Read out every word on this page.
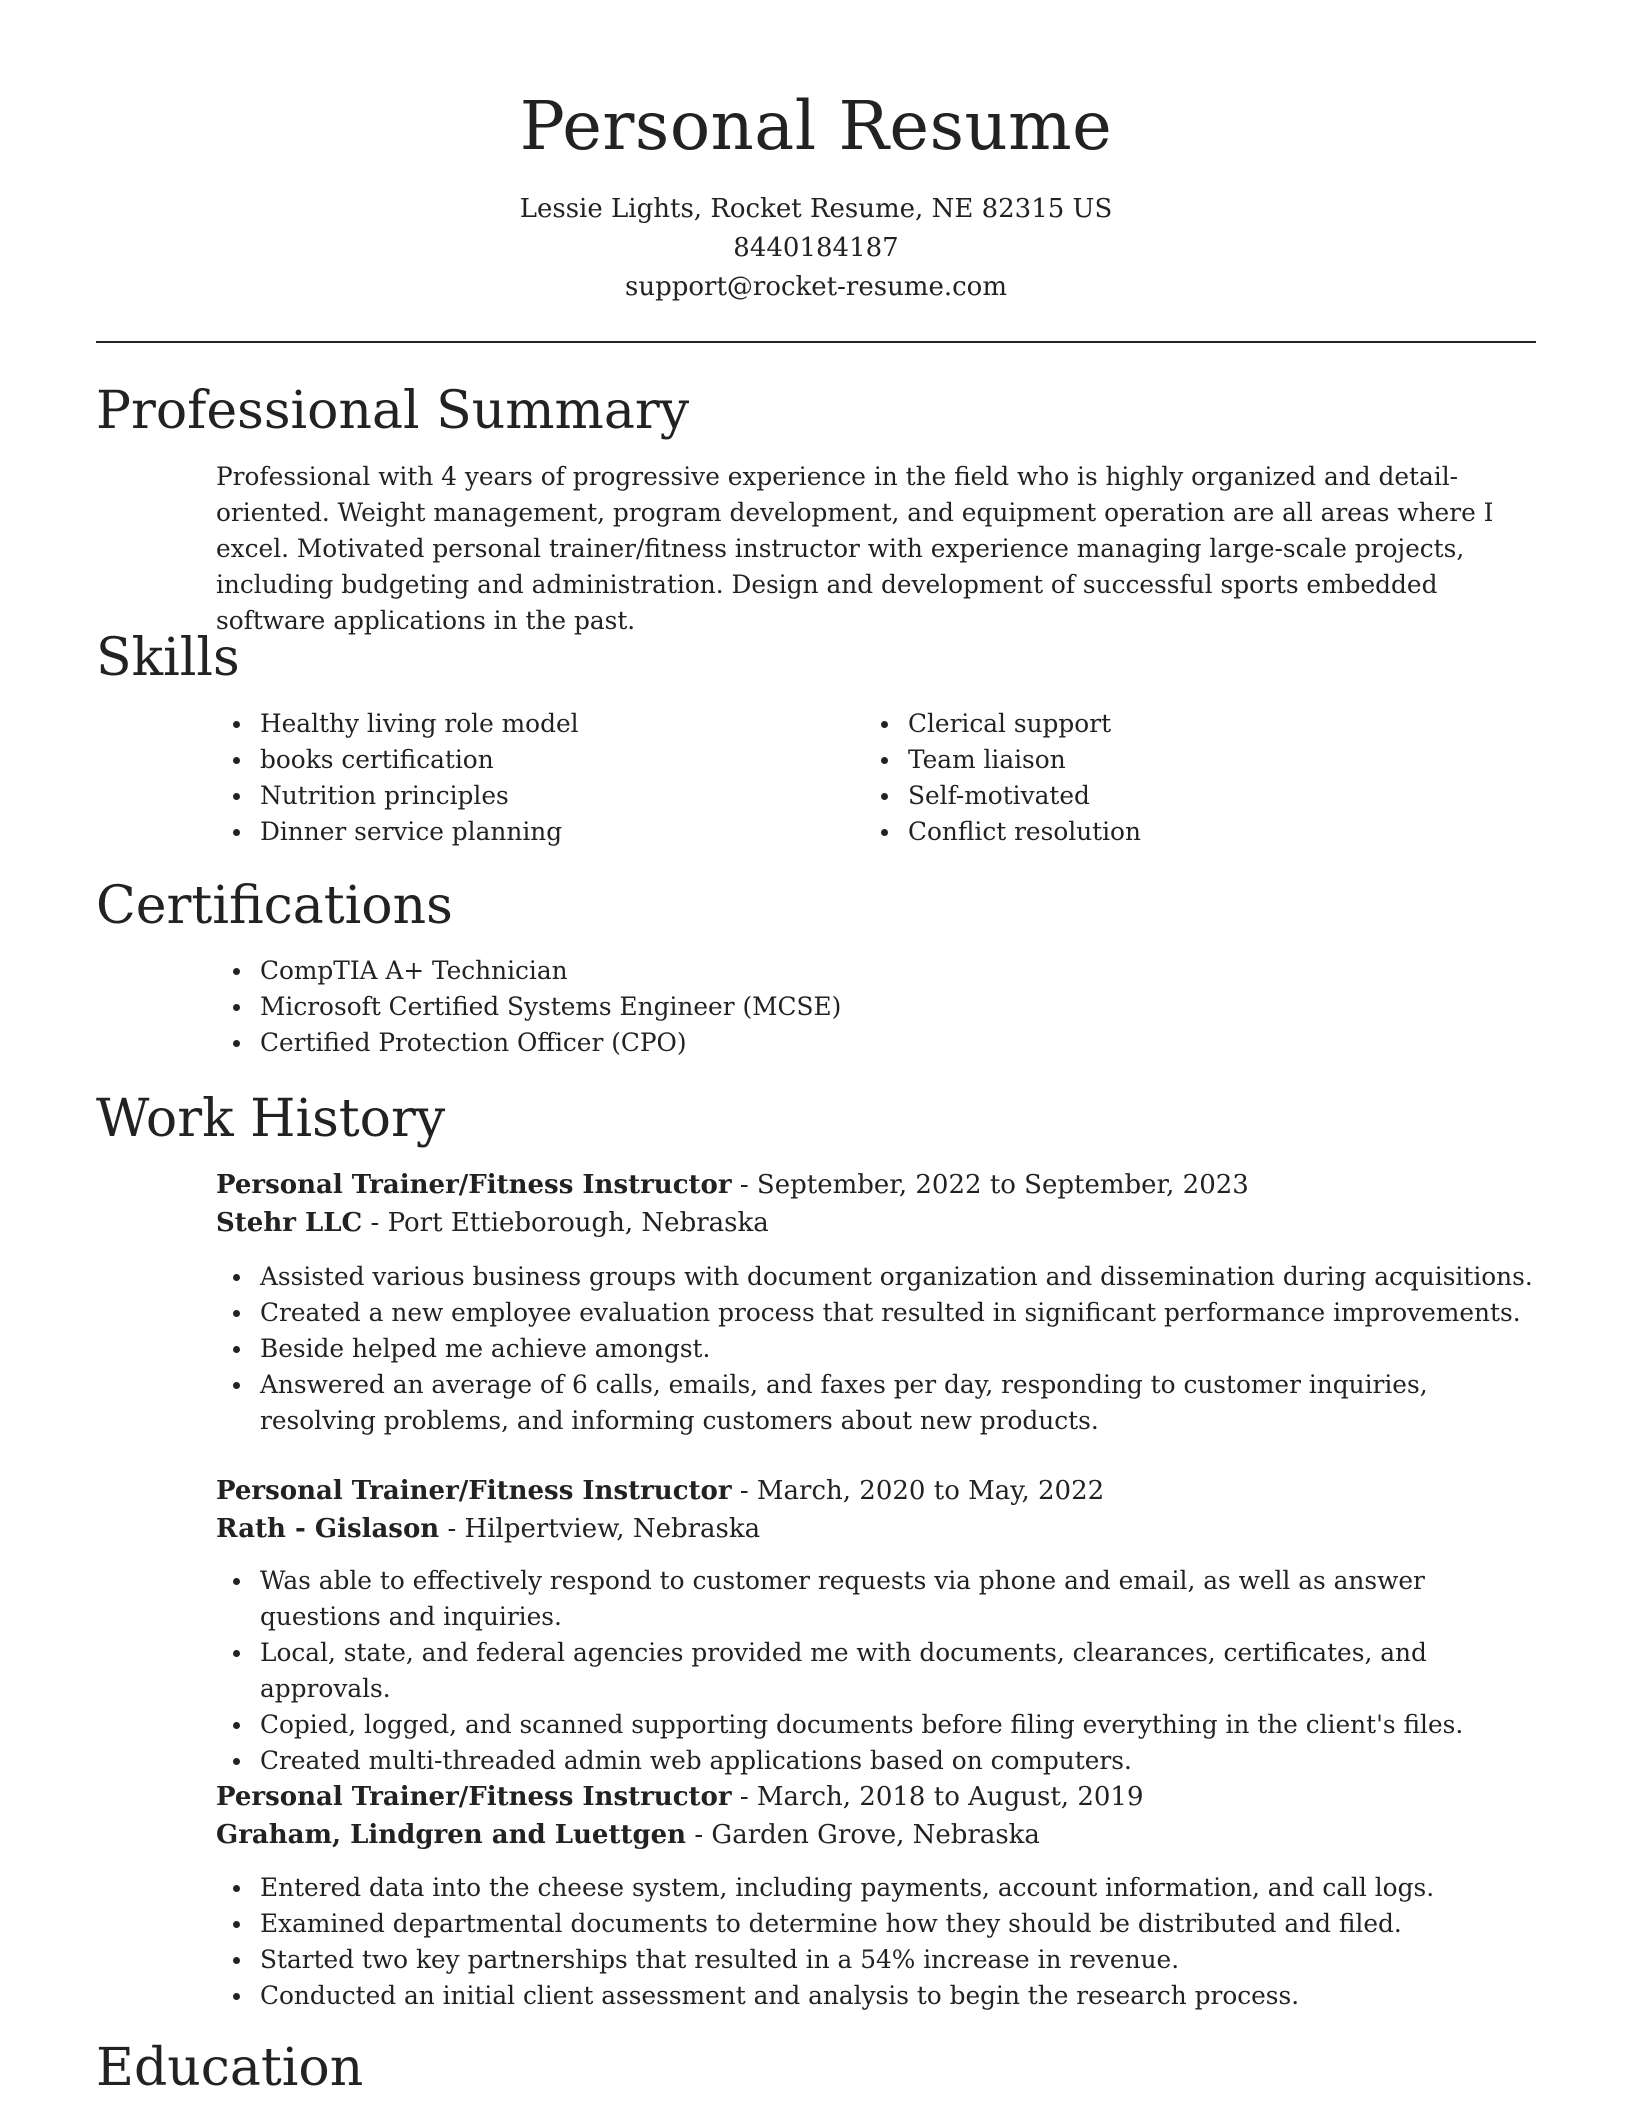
Personal Resume
Lessie Lights, Rocket Resume, NE 82315 US
8440184187
support@rocket-resume.com
Professional Summary

Professional with 4 years of progressive experience in the field who is highly organized and detail-oriented. Weight management, program development, and equipment operation are all areas where I excel. Motivated personal trainer/fitness instructor with experience managing large-scale projects, including budgeting and administration. Design and development of successful sports embedded software applications in the past.

Skills
Healthy living role model
books certification
Nutrition principles
Dinner service planning
Clerical support
Team liaison
Self-motivated
Conflict resolution
Certifications
CompTIA A+ Technician
Microsoft Certified Systems Engineer (MCSE)
Certified Protection Officer (CPO)
Work History
Personal Trainer/Fitness Instructor - September, 2022 to September, 2023
Stehr LLC - Port Ettieborough, Nebraska
Assisted various business groups with document organization and dissemination during acquisitions.
Created a new employee evaluation process that resulted in significant performance improvements.
Beside helped me achieve amongst.
Answered an average of 6 calls, emails, and faxes per day, responding to customer inquiries, resolving problems, and informing customers about new products.
Personal Trainer/Fitness Instructor - March, 2020 to May, 2022
Rath - Gislason - Hilpertview, Nebraska
Was able to effectively respond to customer requests via phone and email, as well as answer questions and inquiries.
Local, state, and federal agencies provided me with documents, clearances, certificates, and approvals.
Copied, logged, and scanned supporting documents before filing everything in the client's files.
Created multi-threaded admin web applications based on computers.
Personal Trainer/Fitness Instructor - March, 2018 to August, 2019
Graham, Lindgren and Luettgen - Garden Grove, Nebraska
Entered data into the cheese system, including payments, account information, and call logs.
Examined departmental documents to determine how they should be distributed and filed.
Started two key partnerships that resulted in a 54% increase in revenue.
Conducted an initial client assessment and analysis to begin the research process.
Education
